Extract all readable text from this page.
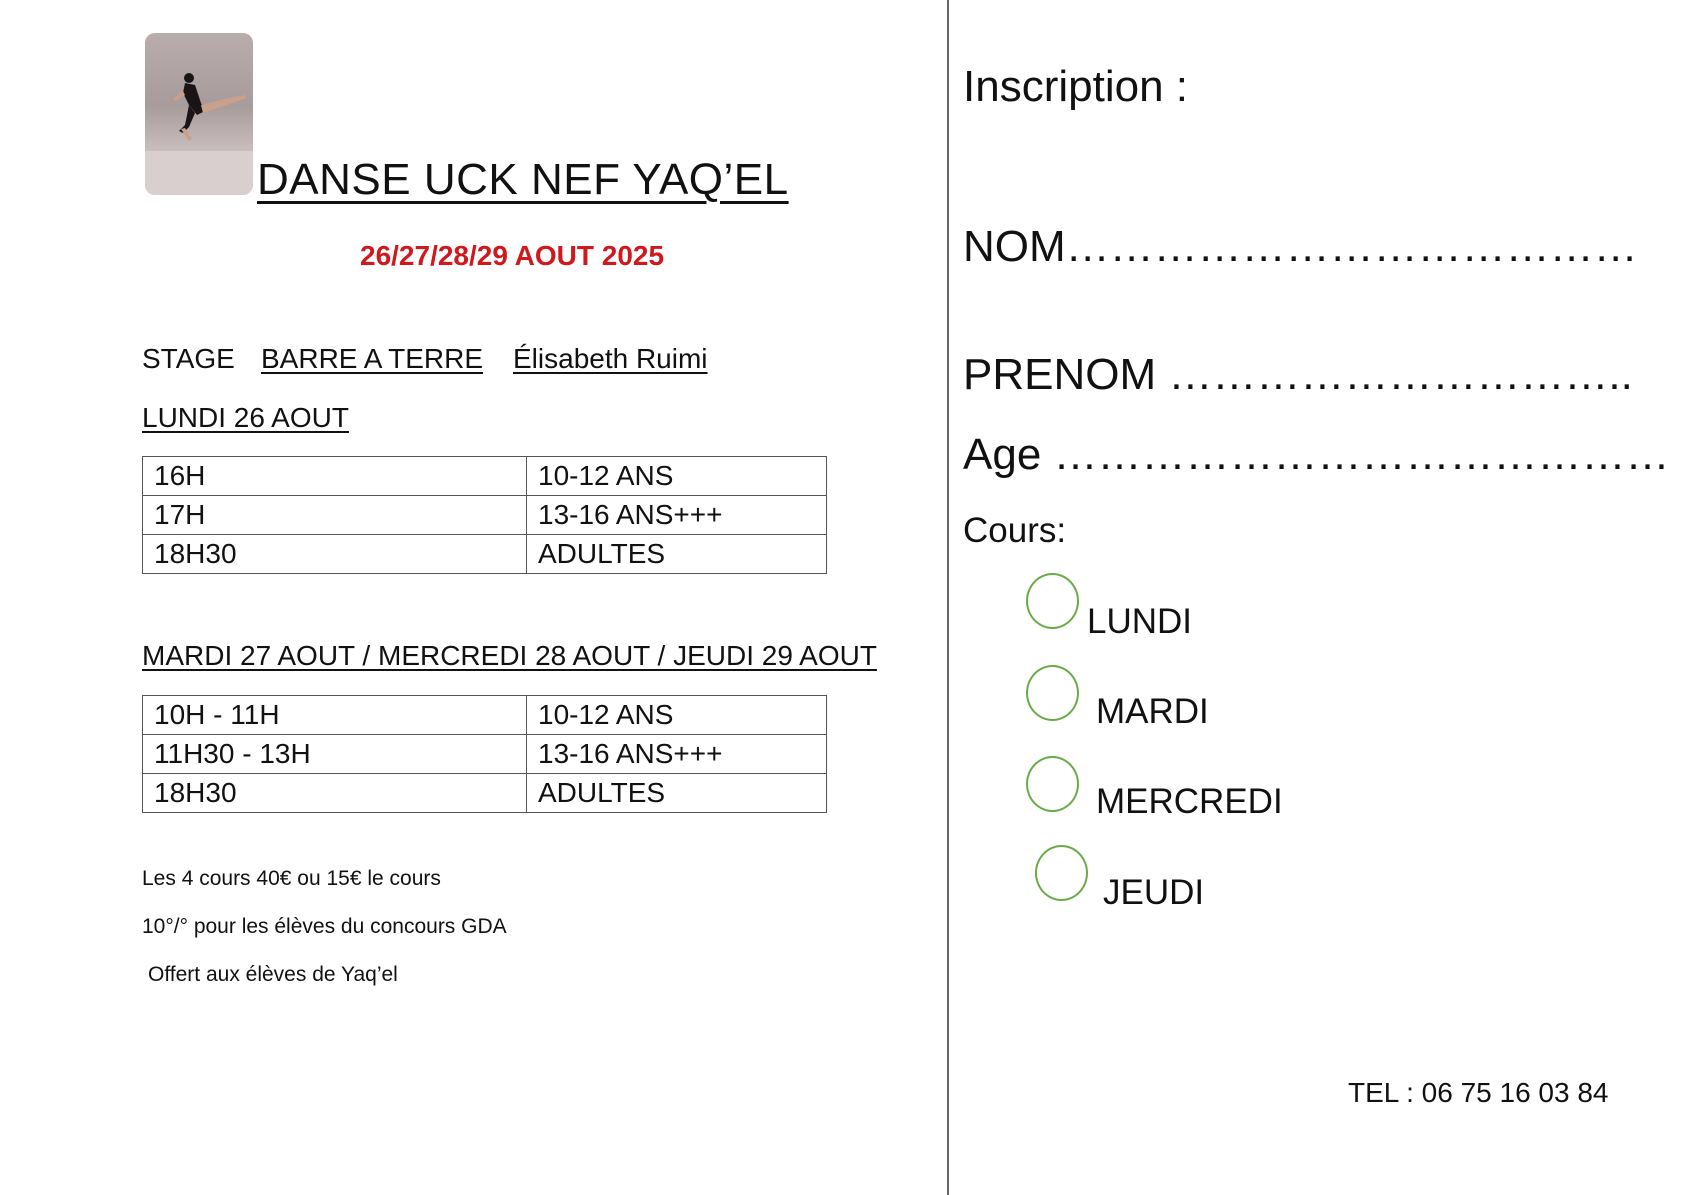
DANSE UCK NEF YAQ’EL
26/27/28/29 AOUT 2025
STAGE BARRE A TERRE Élisabeth Ruimi
LUNDI 26 AOUT
16H	10-12 ANS
17H	13-16 ANS+++
18H30	ADULTES
MARDI 27 AOUT / MERCREDI 28 AOUT / JEUDI 29 AOUT
10H - 11H	10-12 ANS
11H30 - 13H	13-16 ANS+++
18H30	ADULTES
Les 4 cours 40€ ou 15€ le cours
10°/° pour les élèves du concours GDA
Offert aux élèves de Yaq’el
Inscription :
NOM…………………………………
PRENOM …………………………..
Age ……………………………………
Cours:
LUNDI
MARDI
MERCREDI
JEUDI
TEL : 06 75 16 03 84
